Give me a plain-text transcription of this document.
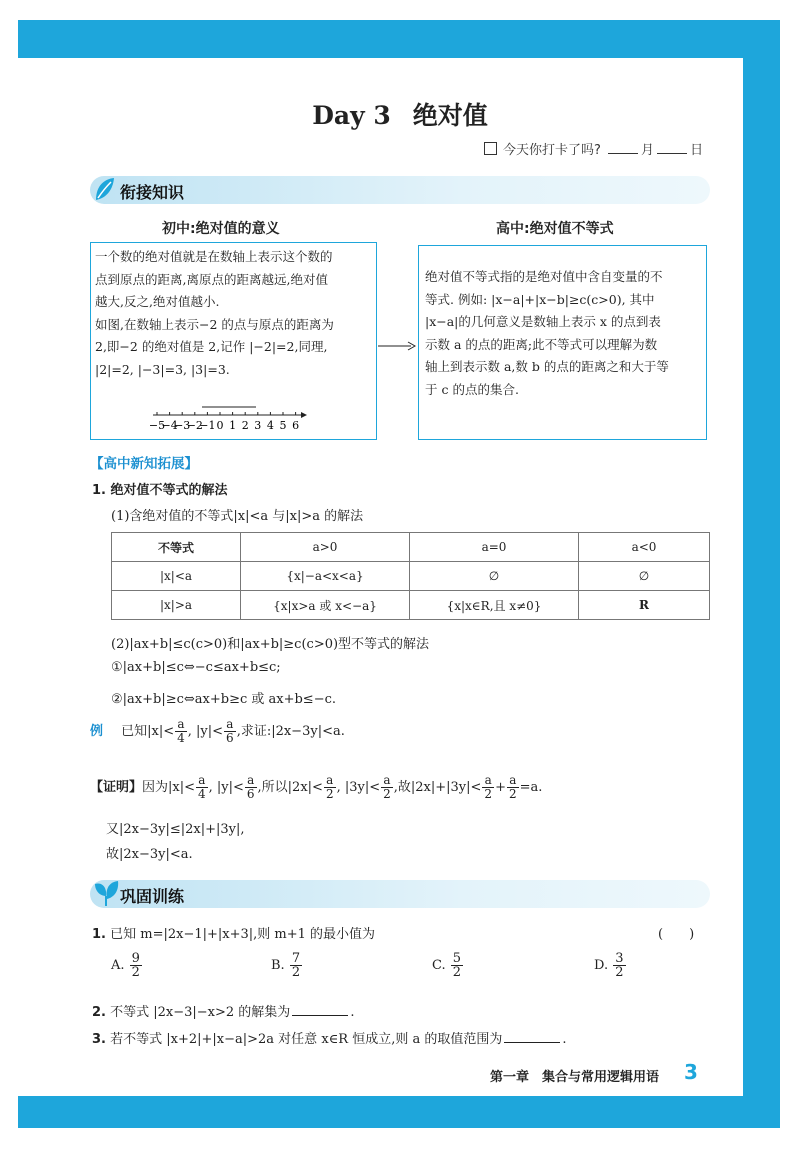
Day 3 绝对值
今天你打卡了吗?	月	日
衔接知识
初中:绝对值的意义	高中:绝对值不等式
一个数的绝对值就是在数轴上表示这个数的
点到原点的距离,离原点的距离越远,绝对值
越大,反之,绝对值越小.
如图,在数轴上表示−2 的点与原点的距离为
2,即−2 的绝对值是 2,记作 |−2|=2,同理,
|2|=2, |−3|=3, |3|=3.
−5
−4
−3
−2
−1 0 1 2 3 4 5 6
绝对值不等式指的是绝对值中含自变量的不
等式. 例如: |x−a|+|x−b|≥c(c>0), 其中
|x−a|的几何意义是数轴上表示 x 的点到表
示数 a 的点的距离;此不等式可以理解为数
轴上到表示数 a,数 b 的点的距离之和大于等
于 c 的点的集合.
【高中新知拓展】
1. 绝对值不等式的解法
(1)含绝对值的不等式|x|<a 与|x|>a 的解法
不等式	a>0	a=0	a<0
|x|<a	{x|−a<x<a}	∅	∅
|x|>a	{x|x>a 或 x<−a}	{x|x∈R,且 x≠0}	R
(2)|ax+b|≤c(c>0)和|ax+b|≥c(c>0)型不等式的解法
①|ax+b|≤c⇔−c≤ax+b≤c;
②|ax+b|≥c⇔ax+b≥c 或 ax+b≤−c.
例 已知$|x|< \frac{a}{4}$ , $|y|< \frac{a}{6}$ ,求证:|2x−3y|<a.
【证明】因为$|x|< \frac{a}{4}$ , $|y|< \frac{a}{6}$ ,所以$|2x|< \frac{a}{2}$ , $|3y|< \frac{a}{2}$ ,故$|2x|+|3y|< \frac{a}{2} + \frac{a}{2} =a$.
又|2x−3y|≤|2x|+|3y|,
故|2x−3y|<a.
巩固训练
1. 已知 m=|2x−1|+|x+3|,则 m+1 的最小值为	(　　)
A. $\frac{9}{2}$	B. $\frac{7}{2}$	C. $\frac{5}{2}$	D. $\frac{3}{2}$
2. 不等式 |2x−3|−x>2 的解集为	.
3. 若不等式 |x+2|+|x−a|>2a 对任意 x∈R 恒成立,则 a 的取值范围为	.
第一章　集合与常用逻辑用语 3
